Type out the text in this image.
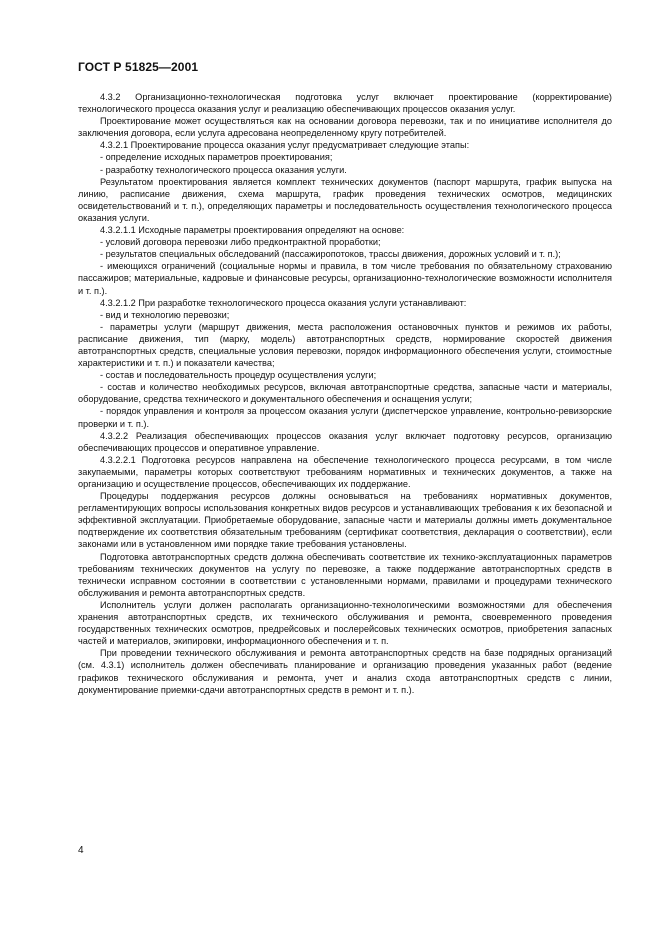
ГОСТ Р 51825—2001

4.3.2 Организационно-технологическая подготовка услуг включает проектирование (корректирование) технологического процесса оказания услуг и реализацию обеспечивающих процессов оказания услуг.

Проектирование может осуществляться как на основании договора перевозки, так и по инициативе исполнителя до заключения договора, если услуга адресована неопределенному кругу потребителей.

4.3.2.1 Проектирование процесса оказания услуг предусматривает следующие этапы:

- определение исходных параметров проектирования;

- разработку технологического процесса оказания услуги.

Результатом проектирования является комплект технических документов (паспорт маршрута, график выпуска на линию, расписание движения, схема маршрута, график проведения технических осмотров, медицинских освидетельствований и т. п.), определяющих параметры и последовательность осуществления технологического процесса оказания услуги.

4.3.2.1.1 Исходные параметры проектирования определяют на основе:

- условий договора перевозки либо предконтрактной проработки;

- результатов специальных обследований (пассажиропотоков, трассы движения, дорожных условий и т. п.);

- имеющихся ограничений (социальные нормы и правила, в том числе требования по обязательному страхованию пассажиров; материальные, кадровые и финансовые ресурсы, организационно-технологические возможности исполнителя и т. п.).

4.3.2.1.2 При разработке технологического процесса оказания услуги устанавливают:

- вид и технологию перевозки;

- параметры услуги (маршрут движения, места расположения остановочных пунктов и режимов их работы, расписание движения, тип (марку, модель) автотранспортных средств, нормирование скоростей движения автотранспортных средств, специальные условия перевозки, порядок информационного обеспечения услуги, стоимостные характеристики и т. п.) и показатели качества;

- состав и последовательность процедур осуществления услуги;

- состав и количество необходимых ресурсов, включая автотранспортные средства, запасные части и материалы, оборудование, средства технического и документального обеспечения и оснащения услуги;

- порядок управления и контроля за процессом оказания услуги (диспетчерское управление, контрольно-ревизорские проверки и т. п.).

4.3.2.2 Реализация обеспечивающих процессов оказания услуг включает подготовку ресурсов, организацию обеспечивающих процессов и оперативное управление.

4.3.2.2.1 Подготовка ресурсов направлена на обеспечение технологического процесса ресурсами, в том числе закупаемыми, параметры которых соответствуют требованиям нормативных и технических документов, а также на организацию и осуществление процессов, обеспечивающих их поддержание.

Процедуры поддержания ресурсов должны основываться на требованиях нормативных документов, регламентирующих вопросы использования конкретных видов ресурсов и устанавливающих требования к их безопасной и эффективной эксплуатации. Приобретаемые оборудование, запасные части и материалы должны иметь документальное подтверждение их соответствия обязательным требованиям (сертификат соответствия, декларация о соответствии), если законами или в установленном ими порядке такие требования установлены.

Подготовка автотранспортных средств должна обеспечивать соответствие их технико-эксплуатационных параметров требованиям технических документов на услугу по перевозке, а также поддержание автотранспортных средств в технически исправном состоянии в соответствии с установленными нормами, правилами и процедурами технического обслуживания и ремонта автотранспортных средств.

Исполнитель услуги должен располагать организационно-технологическими возможностями для обеспечения хранения автотранспортных средств, их технического обслуживания и ремонта, своевременного проведения государственных технических осмотров, предрейсовых и послерейсовых технических осмотров, приобретения запасных частей и материалов, экипировки, информационного обеспечения и т. п.

При проведении технического обслуживания и ремонта автотранспортных средств на базе подрядных организаций (см. 4.3.1) исполнитель должен обеспечивать планирование и организацию проведения указанных работ (ведение графиков технического обслуживания и ремонта, учет и анализ схода автотранспортных средств с линии, документирование приемки-сдачи автотранспортных средств в ремонт и т. п.).

4
